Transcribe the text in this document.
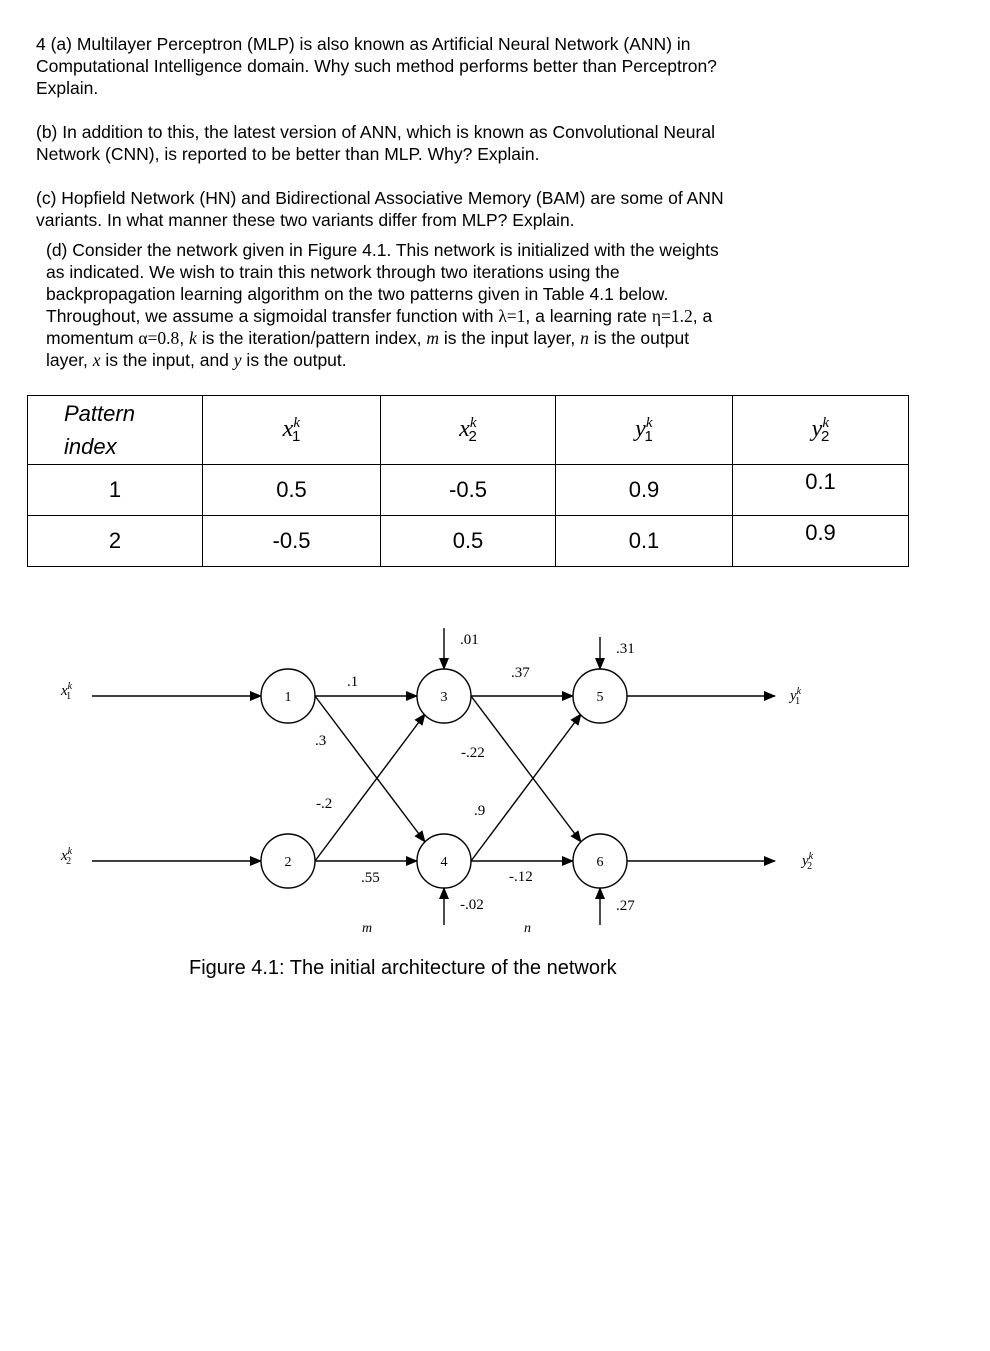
4 (a) Multilayer Perceptron (MLP) is also known as Artificial Neural Network (ANN) in
Computational Intelligence domain. Why such method performs better than Perceptron?
Explain.
(b) In addition to this, the latest version of ANN, which is known as Convolutional Neural
Network (CNN), is reported to be better than MLP. Why? Explain.
(c) Hopfield Network (HN) and Bidirectional Associative Memory (BAM) are some of ANN
variants. In what manner these two variants differ from MLP? Explain.
(d) Consider the network given in Figure 4.1. This network is initialized with the weights
as indicated. We wish to train this network through two iterations using the
backpropagation learning algorithm on the two patterns given in Table 4.1 below.
Throughout, we assume a sigmoidal transfer function with λ=1, a learning rate η=1.2, a
momentum α=0.8, k is the iteration/pattern index, m is the input layer, n is the output
layer, x is the input, and y is the output.
Pattern
index	$x^k_1$	$x^k_2$	$y^k_1$	$y^k_2$
1	0.5	-0.5	0.9	0.1
2	-0.5	0.5	0.1	0.9
1
2
3
4
5
6
.1
.3
-.2
.55
.37
-.22
.9
-.12
.01
-.02
.31
.27
m	n
$x^k$ 1
$x^k$ 2
$y^k$ 1
$y^k$ 2
Figure 4.1: The initial architecture of the network
